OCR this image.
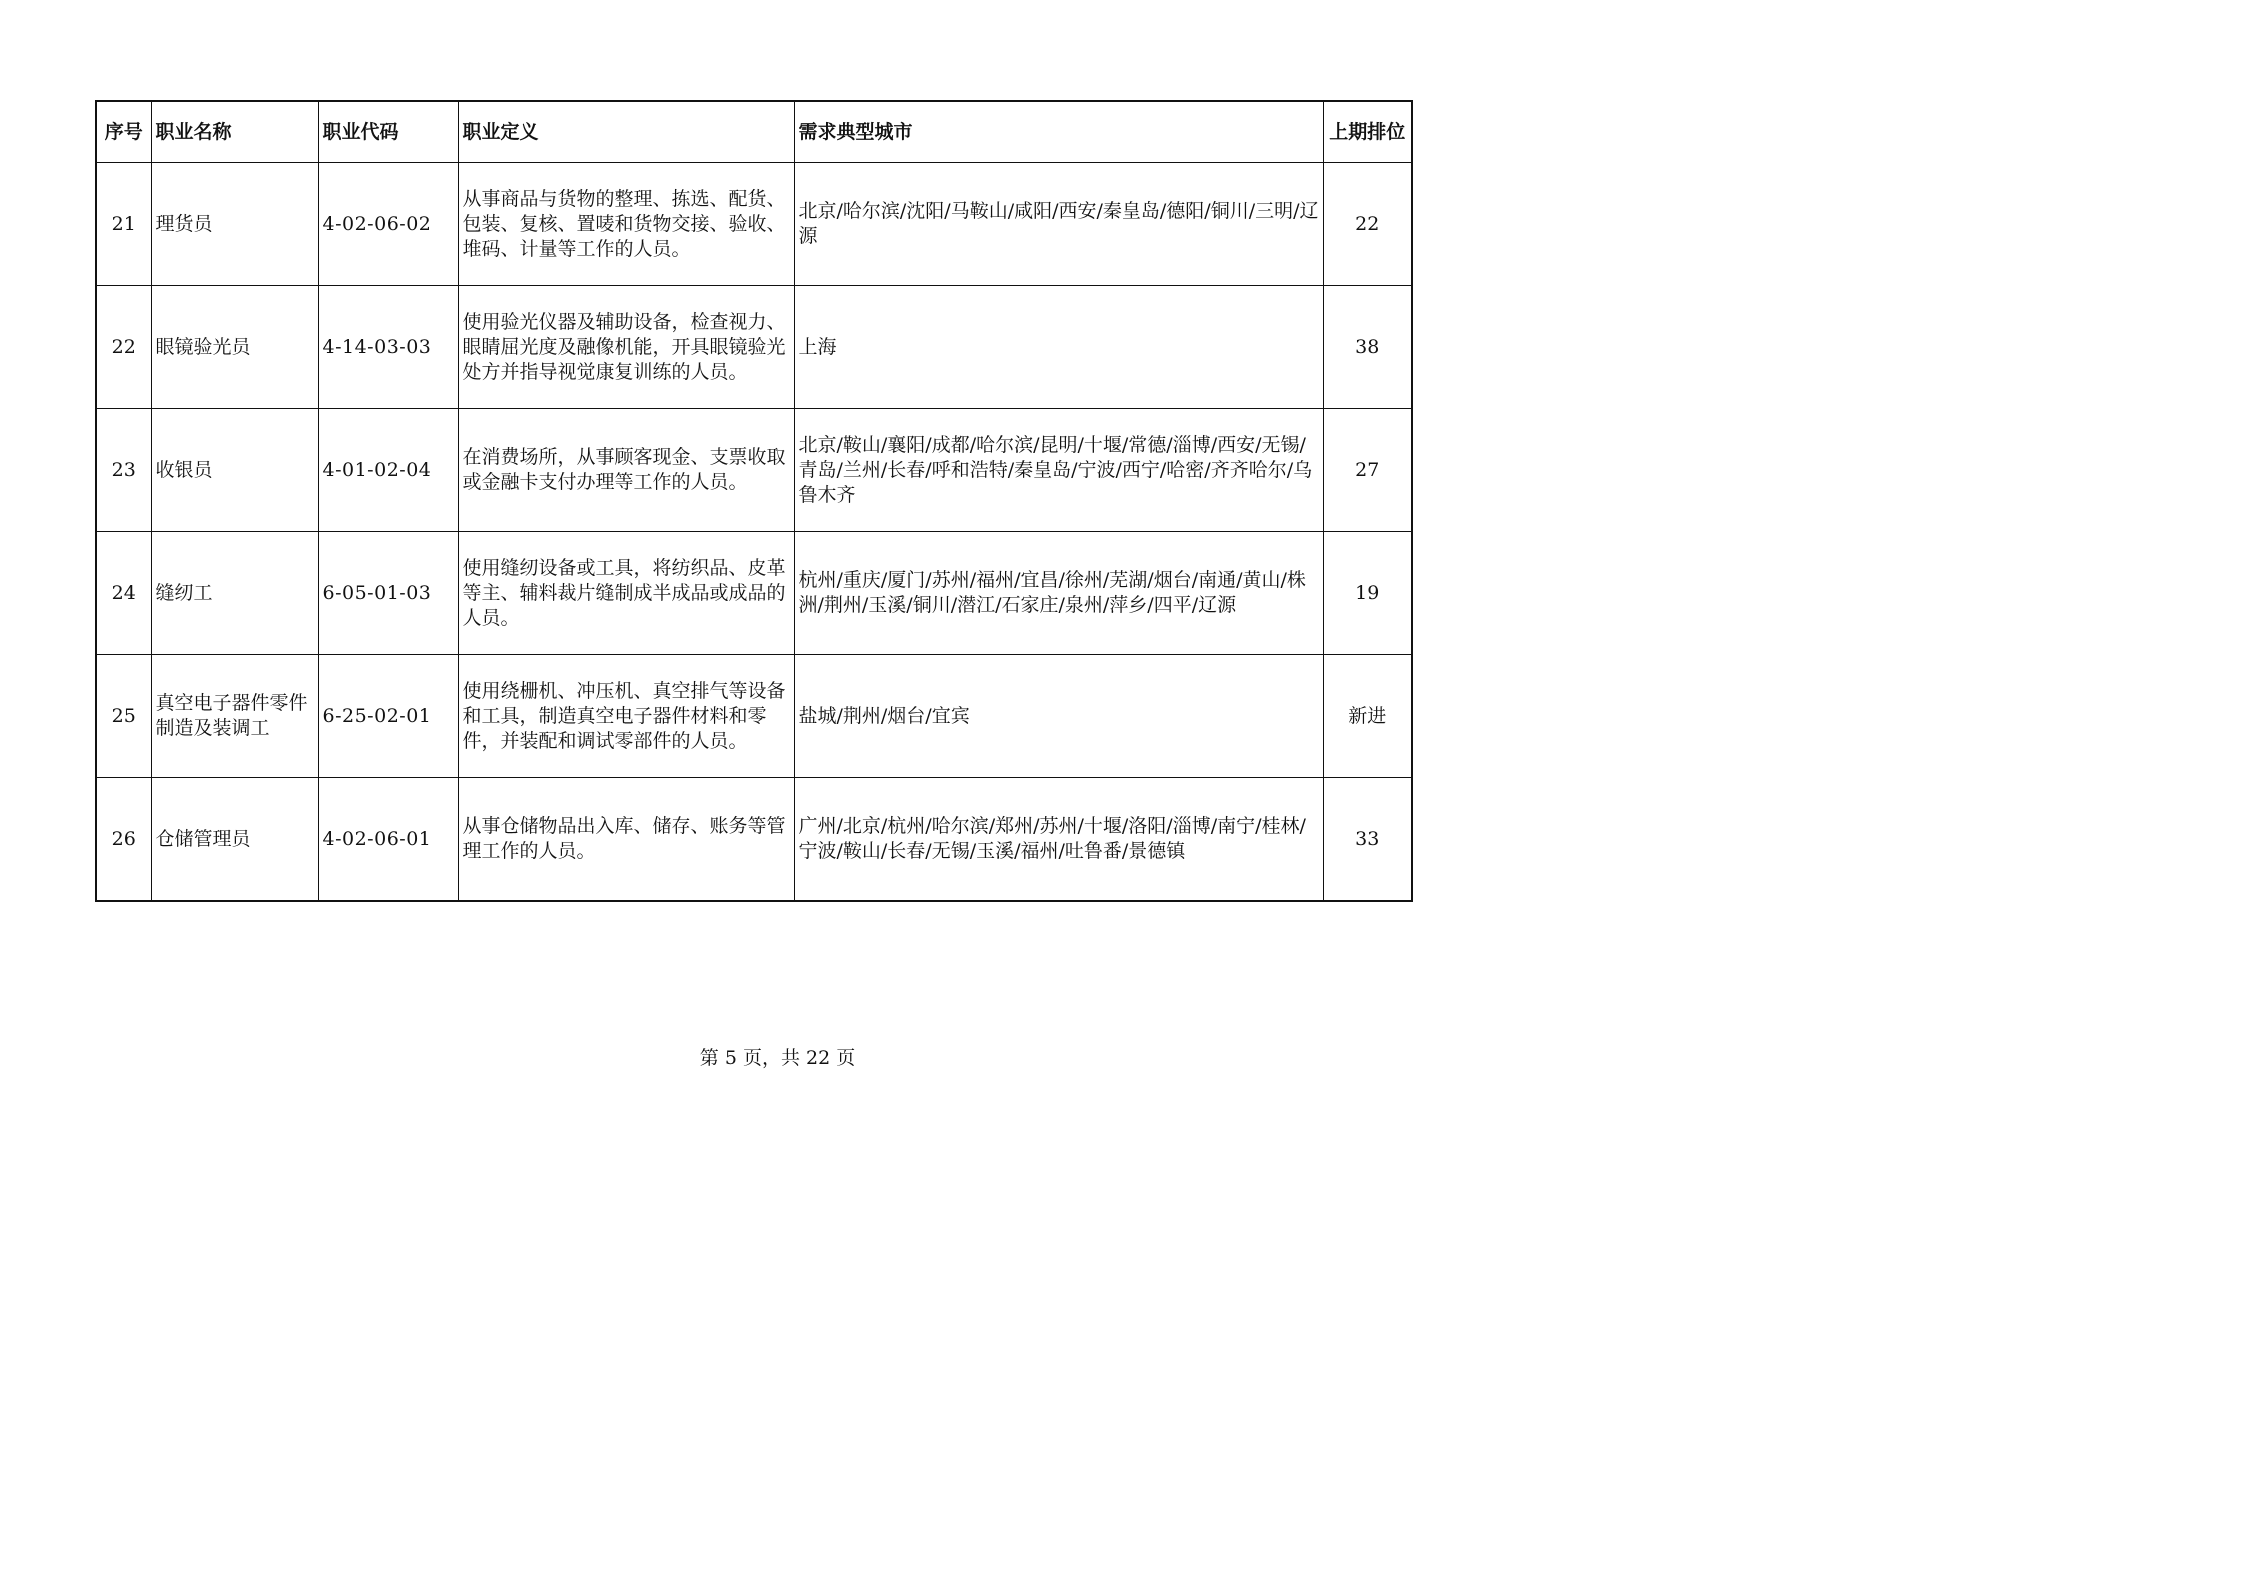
序号	职业名称	职业代码	职业定义	需求典型城市	上期排位
21	理货员	4-02-06-02	从事商品与货物的整理、拣选、配货、包装、复核、置唛和货物交接、验收、堆码、计量等工作的人员。	北京/哈尔滨/沈阳/马鞍山/咸阳/西安/秦皇岛/德阳/铜川/三明/辽源	22
22	眼镜验光员	4-14-03-03	使用验光仪器及辅助设备，检查视力、眼睛屈光度及融像机能，开具眼镜验光处方并指导视觉康复训练的人员。	上海	38
23	收银员	4-01-02-04	在消费场所，从事顾客现金、支票收取或金融卡支付办理等工作的人员。	北京/鞍山/襄阳/成都/哈尔滨/昆明/十堰/常德/淄博/西安/无锡/青岛/兰州/长春/呼和浩特/秦皇岛/宁波/西宁/哈密/齐齐哈尔/乌鲁木齐	27
24	缝纫工	6-05-01-03	使用缝纫设备或工具，将纺织品、皮革等主、辅料裁片缝制成半成品或成品的人员。	杭州/重庆/厦门/苏州/福州/宜昌/徐州/芜湖/烟台/南通/黄山/株洲/荆州/玉溪/铜川/潜江/石家庄/泉州/萍乡/四平/辽源	19
25	真空电子器件零件制造及装调工	6-25-02-01	使用绕栅机、冲压机、真空排气等设备和工具，制造真空电子器件材料和零件，并装配和调试零部件的人员。	盐城/荆州/烟台/宜宾	新进
26	仓储管理员	4-02-06-01	从事仓储物品出入库、储存、账务等管理工作的人员。	广州/北京/杭州/哈尔滨/郑州/苏州/十堰/洛阳/淄博/南宁/桂林/宁波/鞍山/长春/无锡/玉溪/福州/吐鲁番/景德镇	33
第 5 页，共 22 页
